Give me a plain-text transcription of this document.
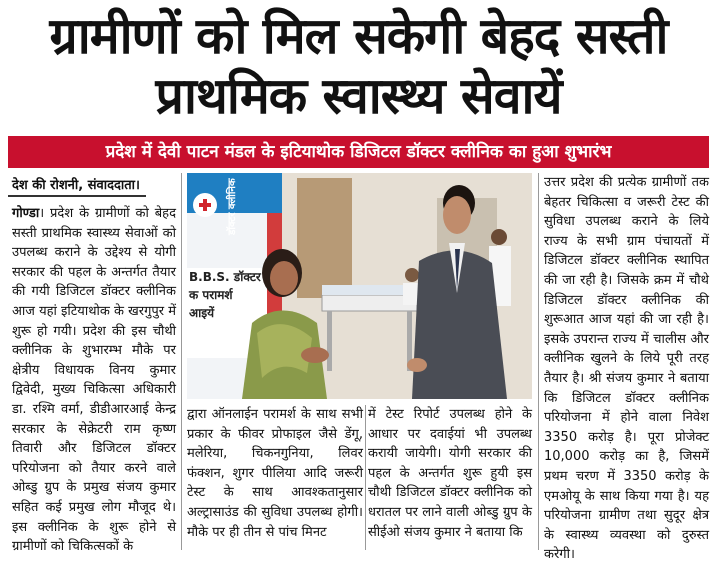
ग्रामीणों को मिल सकेगी बेहद सस्ती
प्राथमिक स्वास्थ्य सेवायें
प्रदेश में देवी पाटन मंडल के इटियाथोक डिजिटल डॉक्टर क्लीनिक का हुआ शुभारंभ
देश की रोशनी, संवाददाता।
गोण्डा। प्रदेश के ग्रामीणों को बेहद सस्ती प्राथमिक स्वास्थ्य सेवाओं को उपलब्ध कराने के उद्देश्य से योगी सरकार की पहल के अन्तर्गत तैयार की गयी डिजिटल डॉक्टर क्लीनिक आज यहां इटियाथोक के खरगुपुर में शुरू हो गयी। प्रदेश की इस चौथी क्लीनिक के शुभारम्भ मौके पर क्षेत्रीय विधायक विनय कुमार द्विवेदी, मुख्य चिकित्सा अधिकारी डा. रश्मि वर्मा, डीडीआरआई केन्द्र सरकार के सेक्रेटरी राम कृष्ण तिवारी और डिजिटल डॉक्टर परियोजना को तैयार करने वाले ओब्डु ग्रुप के प्रमुख संजय कुमार सहित कई प्रमुख लोग मौजूद थे। इस क्लीनिक के शुरू होने से ग्रामीणों को चिकित्सकों के
B.B.S. डॉक्टर
क परामर्श
आइयें
डॉक्टर क्लीनिक
द्वारा ऑनलाईन परामर्श के साथ सभी प्रकार के फीवर प्रोफाइल जैसे डेंगू, मलेरिया, चिकनगुनिया, लिवर फंक्शन, शुगर पीलिया आदि जरूरी टेस्ट के साथ आवश्कतानुसार अल्ट्रासाउंड की सुविधा उपलब्ध होगी। मौके पर ही तीन से पांच मिनट
में टेस्ट रिपोर्ट उपलब्ध होने के आधार पर दवाईयां भी उपलब्ध करायी जायेगी। योगी सरकार की पहल के अन्तर्गत शुरू हुयी इस चौथी डिजिटल डॉक्टर क्लीनिक को धरातल पर लाने वाली ओब्डु ग्रुप के सीईओ संजय कुमार ने बताया कि
उत्तर प्रदेश की प्रत्येक ग्रामीणों तक बेहतर चिकित्सा व जरूरी टेस्ट की सुविधा उपलब्ध कराने के लिये राज्य के सभी ग्राम पंचायतों में डिजिटल डॉक्टर क्लीनिक स्थापित की जा रही है। जिसके क्रम में चौथे डिजिटल डॉक्टर क्लीनिक की शुरूआत आज यहां की जा रही है। इसके उपरान्त राज्य में चालीस और क्लीनिक खुलने के लिये पूरी तरह तैयार है। श्री संजय कुमार ने बताया कि डिजिटल डॉक्टर क्लीनिक परियोजना में होने वाला निवेश 3350 करोड़ है। पूरा प्रोजेक्ट 10,000 करोड़ का है, जिसमें प्रथम चरण में 3350 करोड़ के एमओयू के साथ किया गया है। यह परियोजना ग्रामीण तथा सुदूर क्षेत्र के स्वास्थ्य व्यवस्था को दुरुस्त करेगी।
